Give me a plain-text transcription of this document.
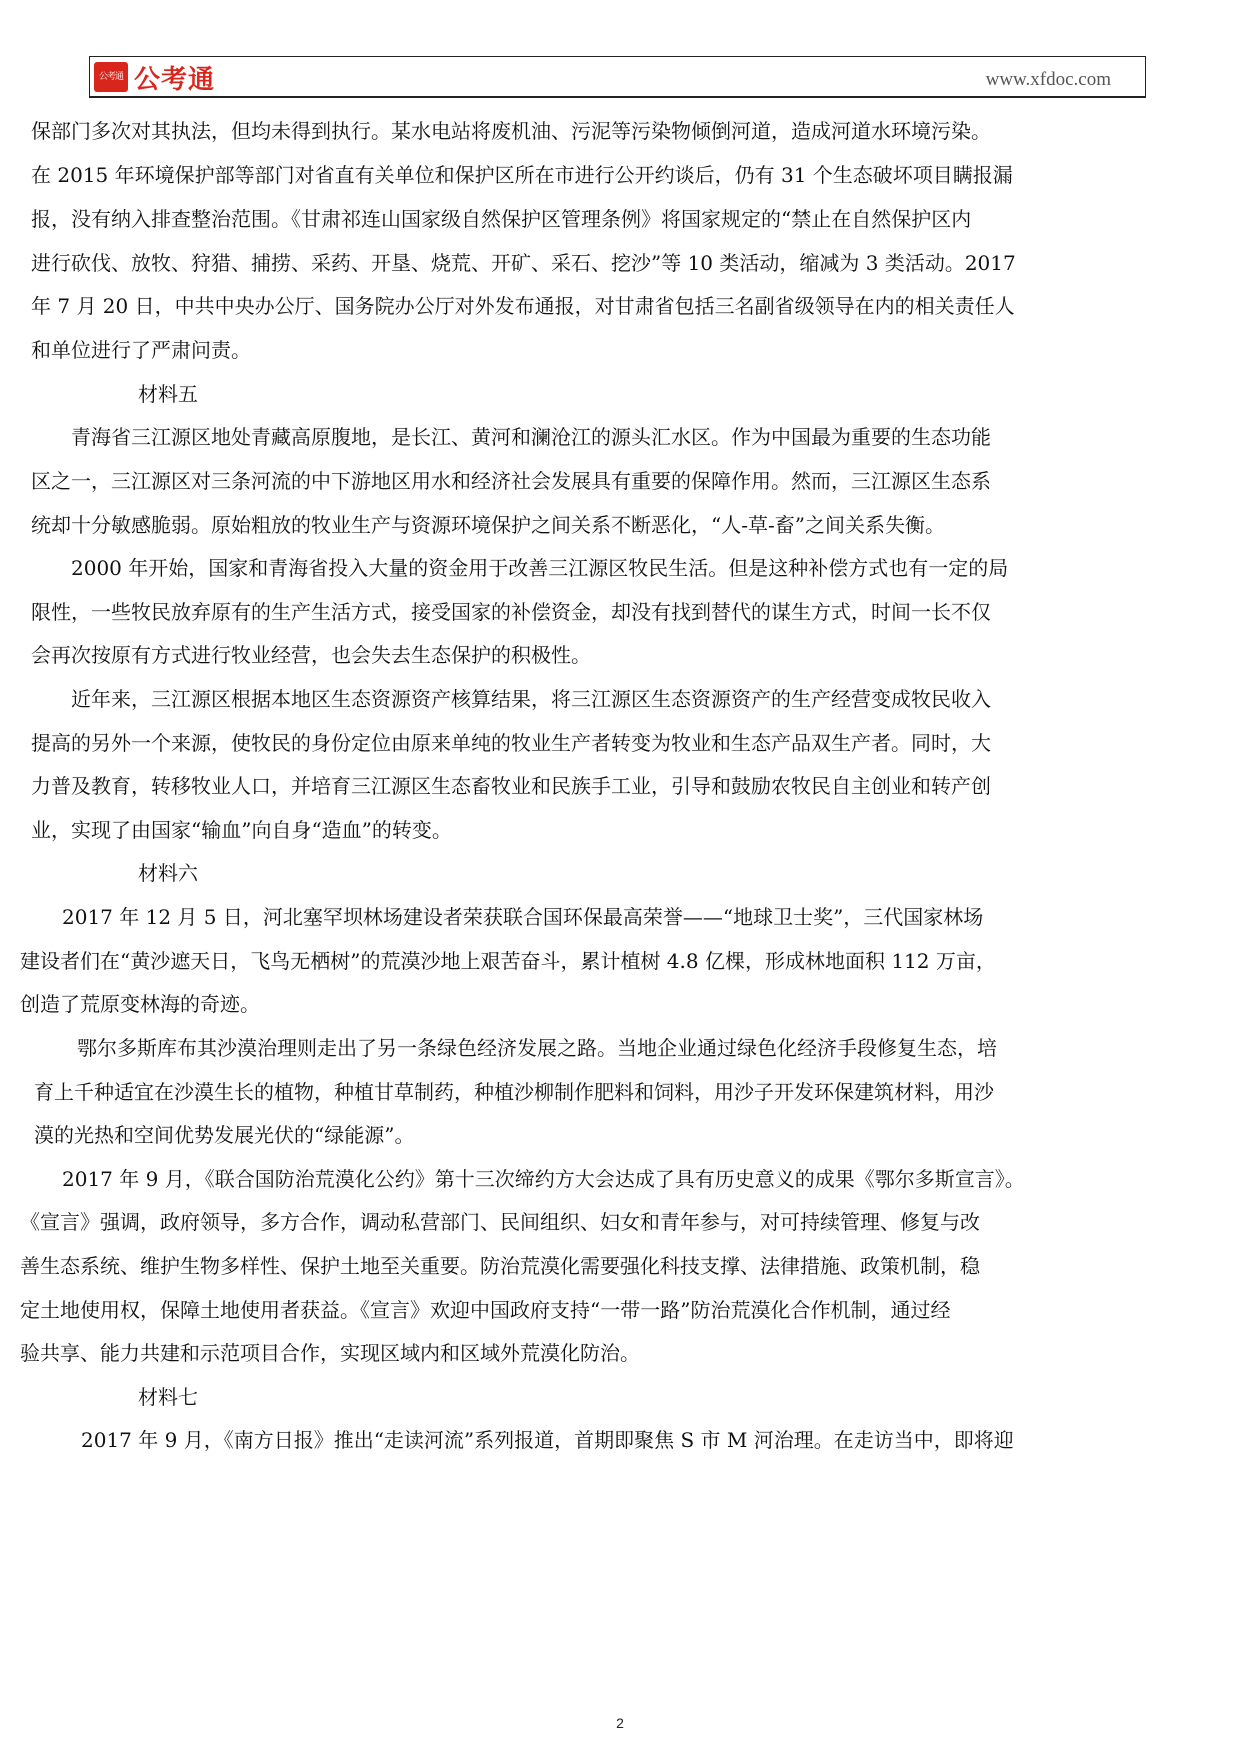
公考通 公考通	www.xfdoc.com
保部门多次对其执法，但均未得到执行。某水电站将废机油、污泥等污染物倾倒河道，造成河道水环境污染。
在 2015 年环境保护部等部门对省直有关单位和保护区所在市进行公开约谈后，仍有 31 个生态破坏项目瞒报漏
报，没有纳入排查整治范围。《甘肃祁连山国家级自然保护区管理条例》将国家规定的“禁止在自然保护区内
进行砍伐、放牧、狩猎、捕捞、采药、开垦、烧荒、开矿、采石、挖沙”等 10 类活动，缩减为 3 类活动。2017
年 7 月 20 日，中共中央办公厅、国务院办公厅对外发布通报，对甘肃省包括三名副省级领导在内的相关责任人
和单位进行了严肃问责。
材料五
青海省三江源区地处青藏高原腹地，是长江、黄河和澜沧江的源头汇水区。作为中国最为重要的生态功能
区之一，三江源区对三条河流的中下游地区用水和经济社会发展具有重要的保障作用。然而，三江源区生态系
统却十分敏感脆弱。原始粗放的牧业生产与资源环境保护之间关系不断恶化，“人-草-畜”之间关系失衡。
2000 年开始，国家和青海省投入大量的资金用于改善三江源区牧民生活。但是这种补偿方式也有一定的局
限性，一些牧民放弃原有的生产生活方式，接受国家的补偿资金，却没有找到替代的谋生方式，时间一长不仅
会再次按原有方式进行牧业经营，也会失去生态保护的积极性。
近年来，三江源区根据本地区生态资源资产核算结果，将三江源区生态资源资产的生产经营变成牧民收入
提高的另外一个来源，使牧民的身份定位由原来单纯的牧业生产者转变为牧业和生态产品双生产者。同时，大
力普及教育，转移牧业人口，并培育三江源区生态畜牧业和民族手工业，引导和鼓励农牧民自主创业和转产创
业，实现了由国家“输血”向自身“造血”的转变。
材料六
2017 年 12 月 5 日，河北塞罕坝林场建设者荣获联合国环保最高荣誉——“地球卫士奖”，三代国家林场
建设者们在“黄沙遮天日，飞鸟无栖树”的荒漠沙地上艰苦奋斗，累计植树 4.8 亿棵，形成林地面积 112 万亩，
创造了荒原变林海的奇迹。
鄂尔多斯库布其沙漠治理则走出了另一条绿色经济发展之路。当地企业通过绿色化经济手段修复生态，培
育上千种适宜在沙漠生长的植物，种植甘草制药，种植沙柳制作肥料和饲料，用沙子开发环保建筑材料，用沙
漠的光热和空间优势发展光伏的“绿能源”。
2017 年 9 月，《联合国防治荒漠化公约》第十三次缔约方大会达成了具有历史意义的成果《鄂尔多斯宣言》。
《宣言》强调，政府领导，多方合作，调动私营部门、民间组织、妇女和青年参与，对可持续管理、修复与改
善生态系统、维护生物多样性、保护土地至关重要。防治荒漠化需要强化科技支撑、法律措施、政策机制，稳
定土地使用权，保障土地使用者获益。《宣言》欢迎中国政府支持“一带一路”防治荒漠化合作机制，通过经
验共享、能力共建和示范项目合作，实现区域内和区域外荒漠化防治。
材料七
2017 年 9 月，《南方日报》推出“走读河流”系列报道，首期即聚焦 S 市 M 河治理。在走访当中，即将迎
2
